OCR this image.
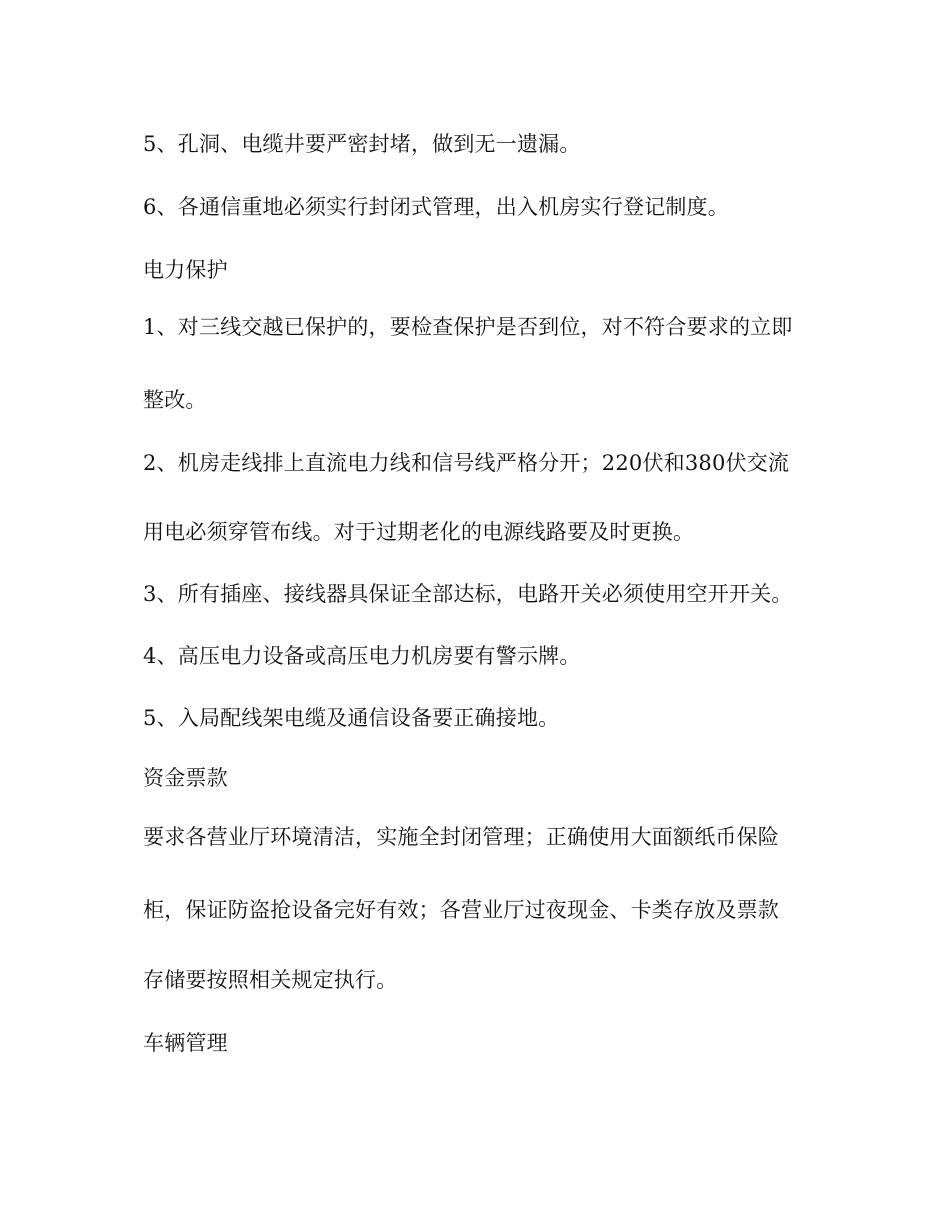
5、孔洞、电缆井要严密封堵，做到无一遗漏。
6、各通信重地必须实行封闭式管理，出入机房实行登记制度。
电力保护
1、对三线交越已保护的，要检查保护是否到位，对不符合要求的立即
整改。
2、机房走线排上直流电力线和信号线严格分开；220伏和380伏交流
用电必须穿管布线。对于过期老化的电源线路要及时更换。
3、所有插座、接线器具保证全部达标，电路开关必须使用空开开关。
4、高压电力设备或高压电力机房要有警示牌。
5、入局配线架电缆及通信设备要正确接地。
资金票款
要求各营业厅环境清洁，实施全封闭管理；正确使用大面额纸币保险
柜，保证防盗抢设备完好有效；各营业厅过夜现金、卡类存放及票款
存储要按照相关规定执行。
车辆管理
